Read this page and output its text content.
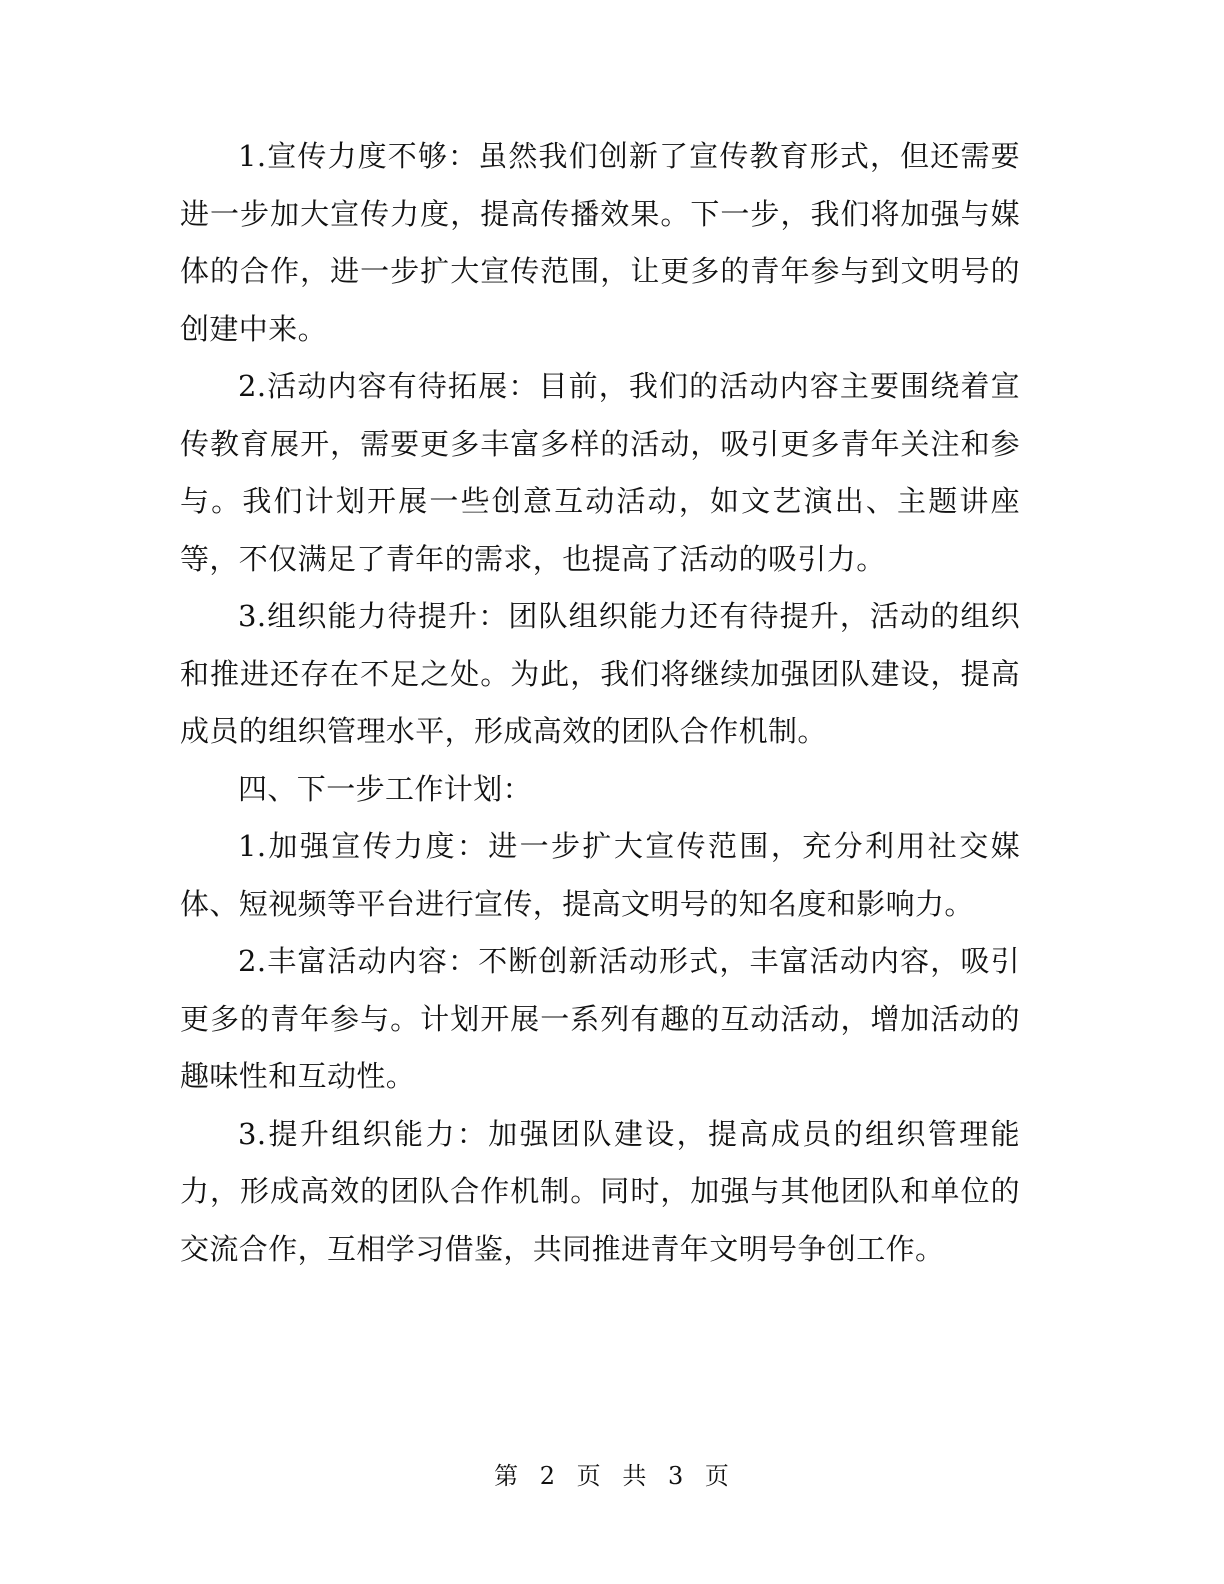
1.宣传力度不够：虽然我们创新了宣传教育形式，但还需要进一步加大宣传力度，提高传播效果。下一步，我们将加强与媒体的合作，进一步扩大宣传范围，让更多的青年参与到文明号的创建中来。

2.活动内容有待拓展：目前，我们的活动内容主要围绕着宣传教育展开，需要更多丰富多样的活动，吸引更多青年关注和参与。我们计划开展一些创意互动活动，如文艺演出、主题讲座等，不仅满足了青年的需求，也提高了活动的吸引力。

3.组织能力待提升：团队组织能力还有待提升，活动的组织和推进还存在不足之处。为此，我们将继续加强团队建设，提高成员的组织管理水平，形成高效的团队合作机制。

四、下一步工作计划：

1.加强宣传力度：进一步扩大宣传范围，充分利用社交媒体、短视频等平台进行宣传，提高文明号的知名度和影响力。

2.丰富活动内容：不断创新活动形式，丰富活动内容，吸引更多的青年参与。计划开展一系列有趣的互动活动，增加活动的趣味性和互动性。

3.提升组织能力：加强团队建设，提高成员的组织管理能力，形成高效的团队合作机制。同时，加强与其他团队和单位的交流合作，互相学习借鉴，共同推进青年文明号争创工作。

第 2 页 共 3 页
